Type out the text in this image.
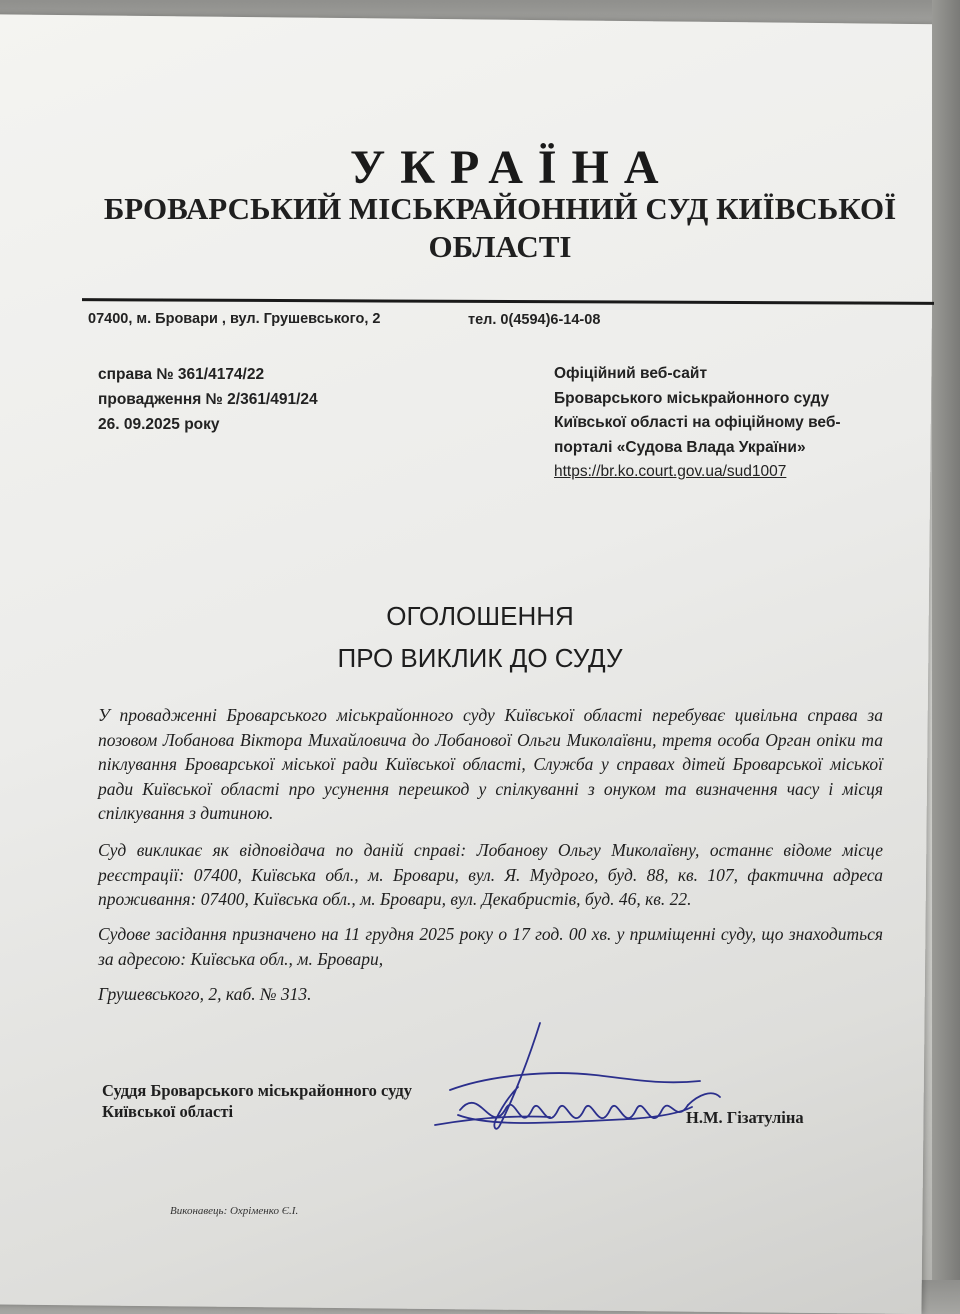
УКРАЇНА
БРОВАРСЬКИЙ МІСЬКРАЙОННИЙ СУД КИЇВСЬКОЇ
ОБЛАСТІ
07400, м. Бровари , вул. Грушевського, 2	тел. 0(4594)6-14-08
справа № 361/4174/22
провадження № 2/361/491/24
26. 09.2025 року
Офіційний веб-сайт
Броварського міськрайонного суду
Київської області на офіційному веб-
порталі «Судова Влада України»
https://br.ko.court.gov.ua/sud1007
ОГОЛОШЕННЯ
ПРО ВИКЛИК ДО СУДУ
У провадженні Броварського міськрайонного суду Київської області перебуває цивільна справа за позовом Лобанова Віктора Михайловича до Лобанової Ольги Миколаївни, третя особа Орган опіки та піклування Броварської міської ради Київської області, Служба у справах дітей Броварської міської ради Київської області про усунення перешкод у спілкуванні з онуком та визначення часу і місця спілкування з дитиною.
Суд викликає як відповідача по даній справі: Лобанову Ольгу Миколаївну, останнє відоме місце реєстрації: 07400, Київська обл., м. Бровари, вул. Я. Мудрого, буд. 88, кв. 107, фактична адреса проживання: 07400, Київська обл., м. Бровари, вул. Декабристів, буд. 46, кв. 22.
Судове засідання призначено на 11 грудня 2025 року о 17 год. 00 хв. у приміщенні суду, що знаходиться за адресою: Київська обл., м. Бровари,
Грушевського, 2, каб. № 313.
Суддя Броварського міськрайонного суду
Київської області	Н.М. Гізатуліна
Виконавець: Охріменко Є.І.
